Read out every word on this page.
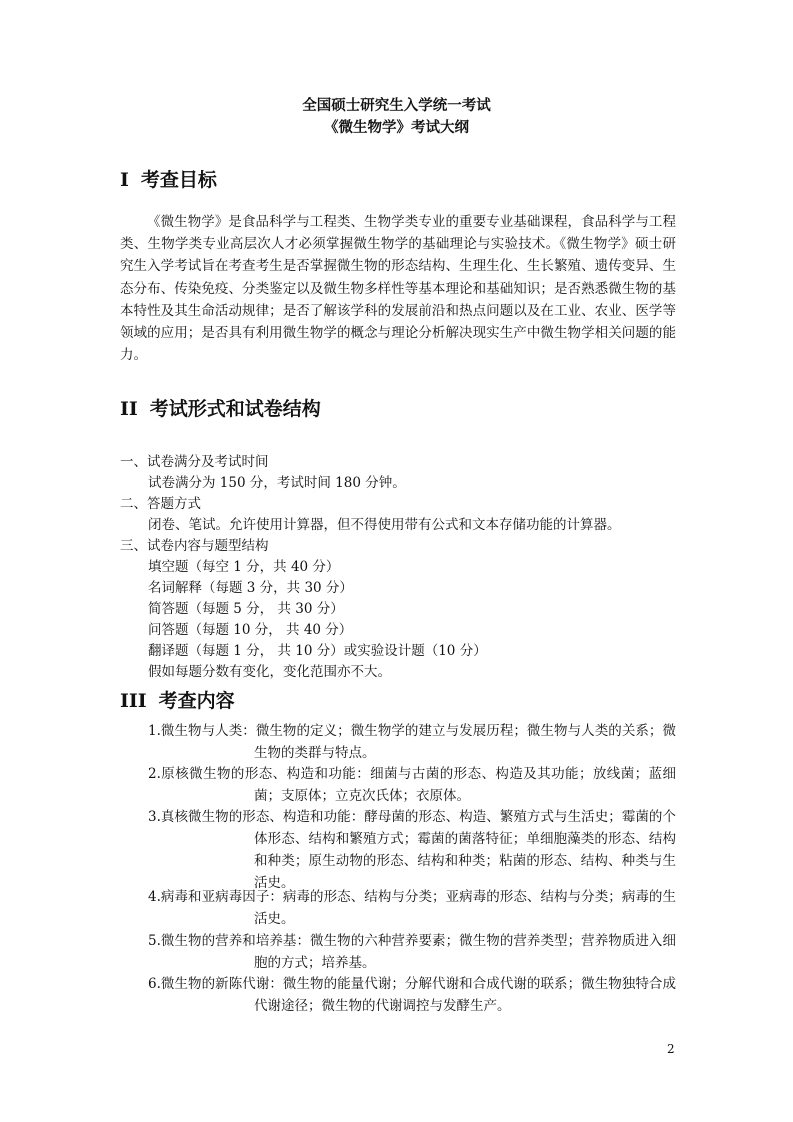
全国硕士研究生入学统一考试
《微生物学》考试大纲
I 考查目标
《微生物学》是食品科学与工程类、生物学类专业的重要专业基础课程，食品科学与工程类、生物学类专业高层次人才必须掌握微生物学的基础理论与实验技术。《微生物学》硕士研究生入学考试旨在考查考生是否掌握微生物的形态结构、生理生化、生长繁殖、遗传变异、生态分布、传染免疫、分类鉴定以及微生物多样性等基本理论和基础知识；是否熟悉微生物的基本特性及其生命活动规律；是否了解该学科的发展前沿和热点问题以及在工业、农业、医学等领域的应用；是否具有利用微生物学的概念与理论分析解决现实生产中微生物学相关问题的能力。
II 考试形式和试卷结构
一、试卷满分及考试时间
试卷满分为 150 分，考试时间 180 分钟。
二、答题方式
闭卷、笔试。允许使用计算器，但不得使用带有公式和文本存储功能的计算器。
三、试卷内容与题型结构
填空题（每空 1 分，共 40 分）
名词解释（每题 3 分，共 30 分）
简答题（每题 5 分， 共 30 分）
问答题（每题 10 分， 共 40 分）
翻译题（每题 1 分， 共 10 分）或实验设计题（10 分）
假如每题分数有变化，变化范围亦不大。
III 考查内容
1.微生物与人类：微生物的定义；微生物学的建立与发展历程；微生物与人类的关系；微生物的类群与特点。
2.原核微生物的形态、构造和功能：细菌与古菌的形态、构造及其功能；放线菌；蓝细菌；支原体；立克次氏体；衣原体。
3.真核微生物的形态、构造和功能：酵母菌的形态、构造、繁殖方式与生活史；霉菌的个体形态、结构和繁殖方式；霉菌的菌落特征；单细胞藻类的形态、结构和种类；原生动物的形态、结构和种类；粘菌的形态、结构、种类与生活史。
4.病毒和亚病毒因子：病毒的形态、结构与分类；亚病毒的形态、结构与分类；病毒的生活史。
5.微生物的营养和培养基：微生物的六种营养要素；微生物的营养类型；营养物质进入细胞的方式；培养基。
6.微生物的新陈代谢：微生物的能量代谢；分解代谢和合成代谢的联系；微生物独特合成代谢途径；微生物的代谢调控与发酵生产。
2
